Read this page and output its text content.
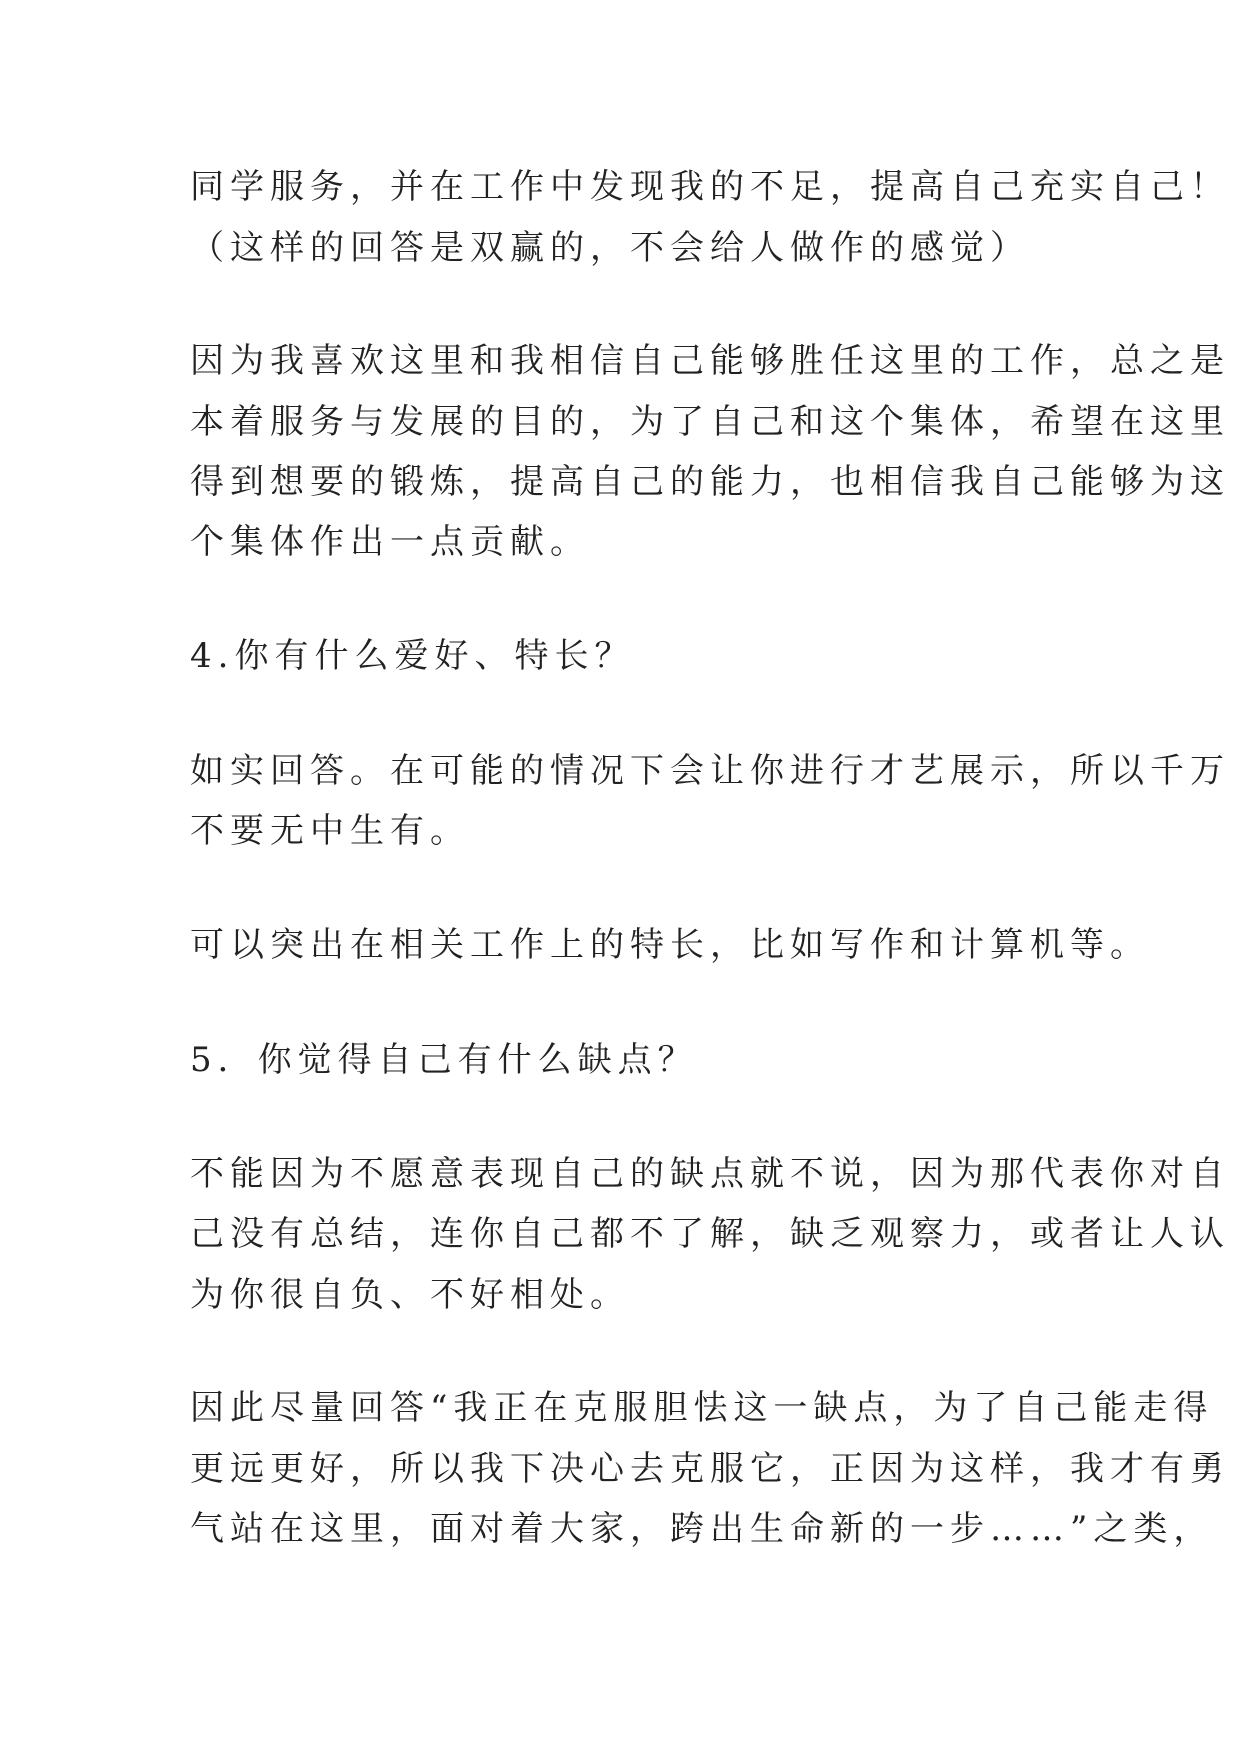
同学服务，并在工作中发现我的不足，提高自己充实自己！
（这样的回答是双赢的，不会给人做作的感觉）
因为我喜欢这里和我相信自己能够胜任这里的工作，总之是
本着服务与发展的目的，为了自己和这个集体，希望在这里
得到想要的锻炼，提高自己的能力，也相信我自己能够为这
个集体作出一点贡献。
4.你有什么爱好、特长？
如实回答。在可能的情况下会让你进行才艺展示，所以千万
不要无中生有。
可以突出在相关工作上的特长，比如写作和计算机等。
5．你觉得自己有什么缺点？
不能因为不愿意表现自己的缺点就不说，因为那代表你对自
己没有总结，连你自己都不了解，缺乏观察力，或者让人认
为你很自负、不好相处。
因此尽量回答“我正在克服胆怯这一缺点，为了自己能走得
更远更好，所以我下决心去克服它，正因为这样，我才有勇
气站在这里，面对着大家，跨出生命新的一步……”之类，
